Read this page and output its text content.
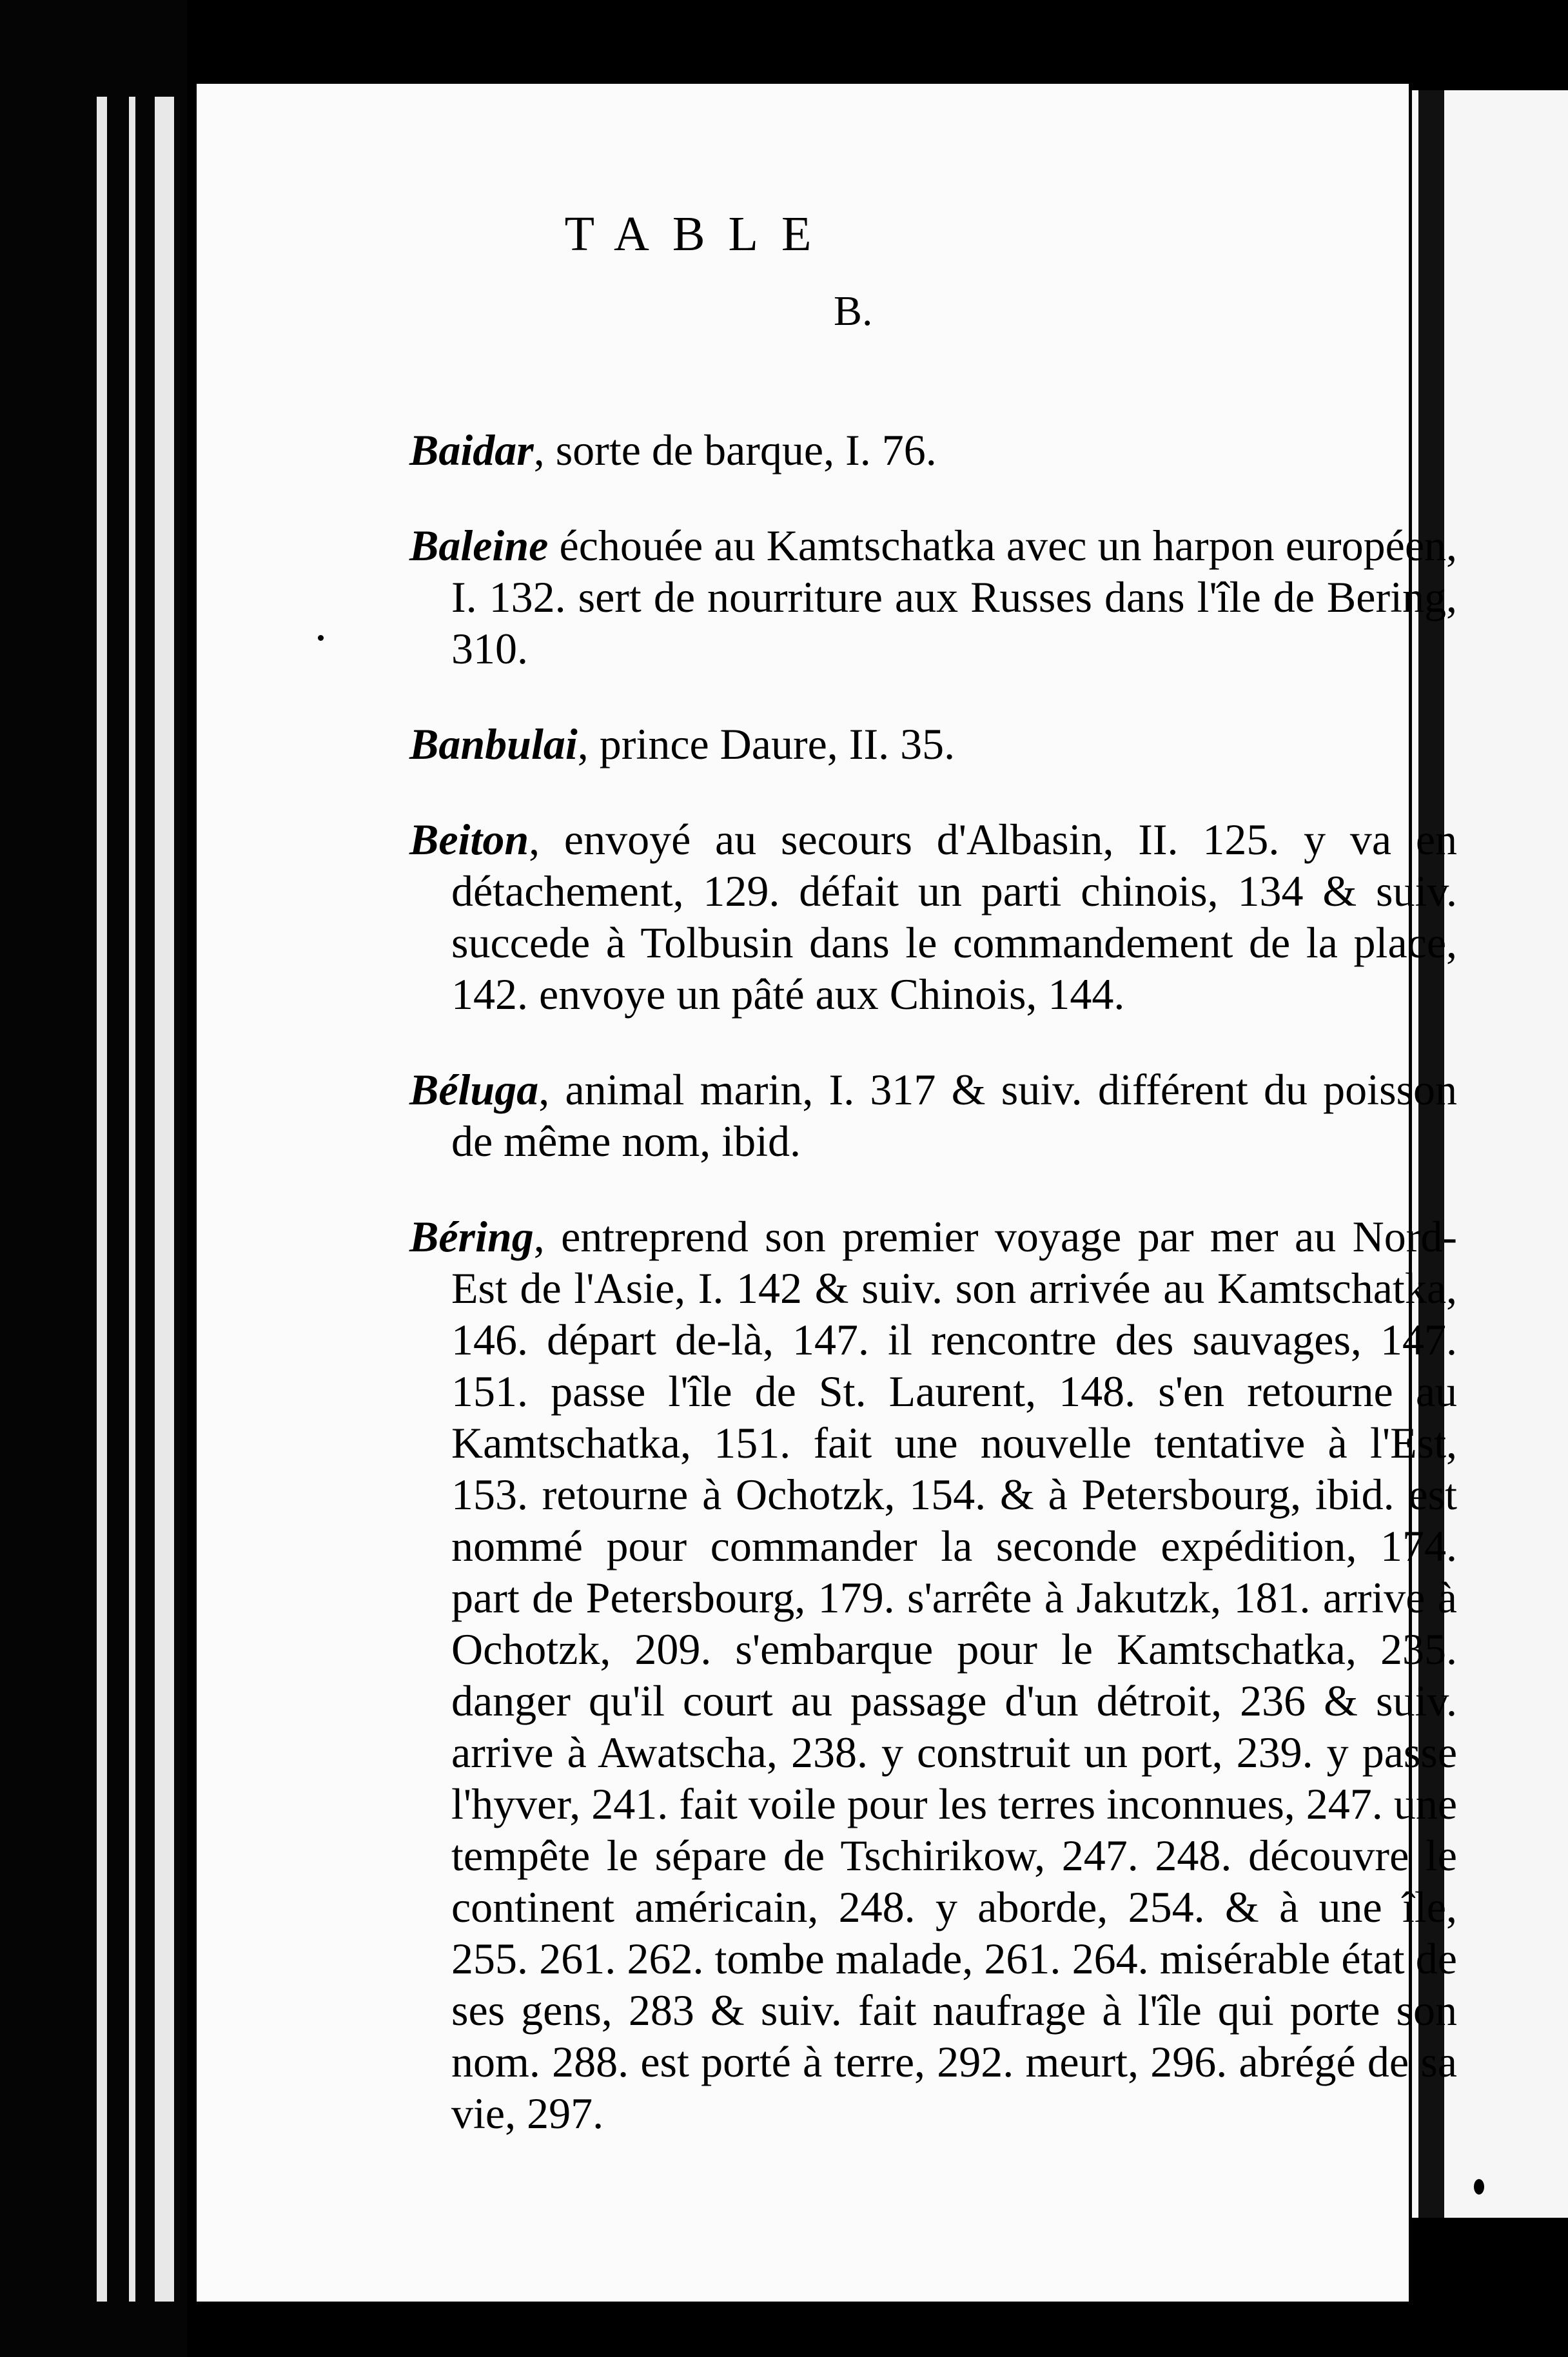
TABLE
B.

Baidar, sorte de barque, I. 76.

Baleine échouée au Kamtschatka avec un harpon européen, I. 132. sert de nourriture aux Russes dans l'île de Bering, 310.

Banbulai, prince Daure, II. 35.

Beiton, envoyé au secours d'Albasin, II. 125. y va en détachement, 129. défait un parti chinois, 134 & suiv. succede à Tolbusin dans le commandement de la place, 142. envoye un pâté aux Chinois, 144.

Béluga, animal marin, I. 317 & suiv. différent du poisson de même nom, ibid.

Béring, entreprend son premier voyage par mer au Nord-Est de l'Asie, I. 142 & suiv. son arrivée au Kamtschatka, 146. départ de-là, 147. il rencontre des sauvages, 147. 151. passe l'île de St. Laurent, 148. s'en retourne au Kamtschatka, 151. fait une nouvelle tentative à l'Est, 153. retourne à Ochotzk, 154. & à Petersbourg, ibid. est nommé pour commander la seconde expédition, 174. part de Petersbourg, 179. s'arrête à Jakutzk, 181. arrive à Ochotzk, 209. s'embarque pour le Kamtschatka, 235. danger qu'il court au passage d'un détroit, 236 & suiv. arrive à Awatscha, 238. y construit un port, 239. y passe l'hyver, 241. fait voile pour les terres inconnues, 247. une tempête le sépare de Tschirikow, 247. 248. découvre le continent américain, 248. y aborde, 254. & à une île, 255. 261. 262. tombe malade, 261. 264. misérable état de ses gens, 283 & suiv. fait naufrage à l'île qui porte son nom. 288. est porté à terre, 292. meurt, 296. abrégé de sa vie, 297.
